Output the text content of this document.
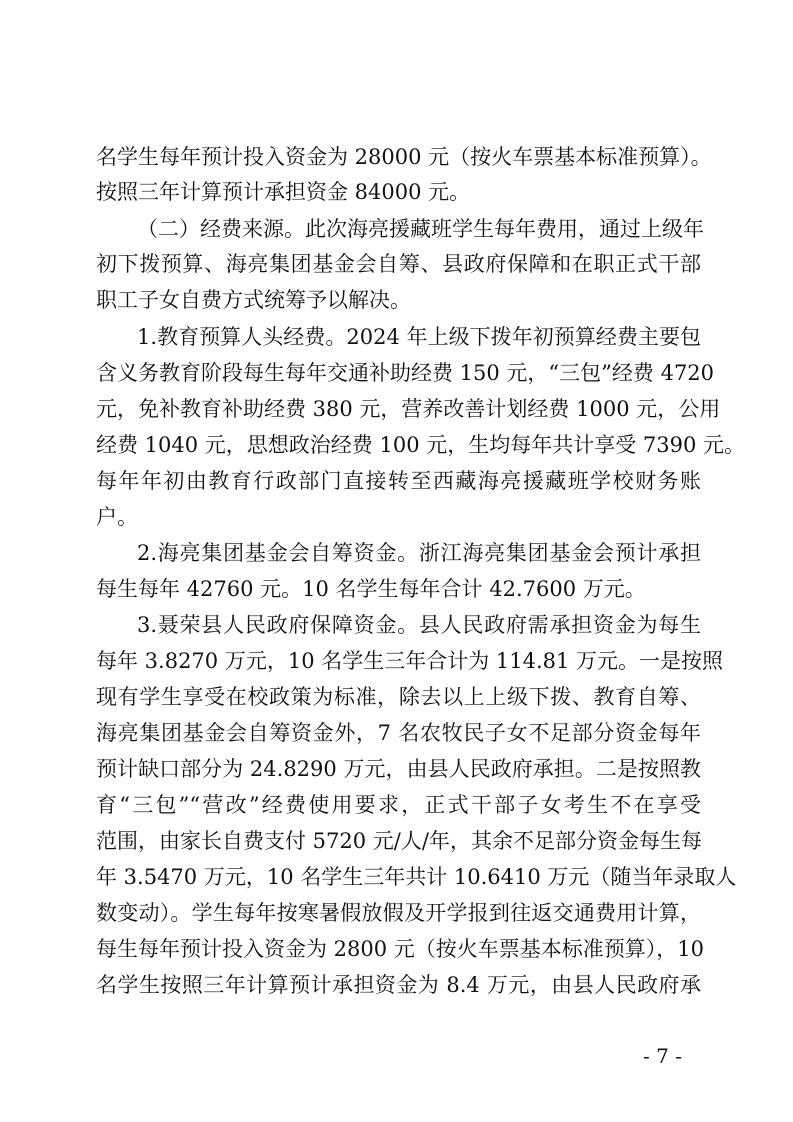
名学生每年预计投入资金为 28000 元（按火车票基本标准预算）。
按照三年计算预计承担资金 84000 元。
（二）经费来源。此次海亮援藏班学生每年费用，通过上级年
初下拨预算、海亮集团基金会自筹、县政府保障和在职正式干部
职工子女自费方式统筹予以解决。
1.教育预算人头经费。2024 年上级下拨年初预算经费主要包
含义务教育阶段每生每年交通补助经费 150 元，“三包”经费 4720
元，免补教育补助经费 380 元，营养改善计划经费 1000 元，公用
经费 1040 元，思想政治经费 100 元，生均每年共计享受 7390 元。
每年年初由教育行政部门直接转至西藏海亮援藏班学校财务账
户。
2.海亮集团基金会自筹资金。浙江海亮集团基金会预计承担
每生每年 42760 元。10 名学生每年合计 42.7600 万元。
3.聂荣县人民政府保障资金。县人民政府需承担资金为每生
每年 3.8270 万元，10 名学生三年合计为 114.81 万元。一是按照
现有学生享受在校政策为标准，除去以上上级下拨、教育自筹、
海亮集团基金会自筹资金外，7 名农牧民子女不足部分资金每年
预计缺口部分为 24.8290 万元，由县人民政府承担。二是按照教
育“三包”“营改”经费使用要求，正式干部子女考生不在享受
范围，由家长自费支付 5720 元/人/年，其余不足部分资金每生每
年 3.5470 万元，10 名学生三年共计 10.6410 万元（随当年录取人
数变动）。学生每年按寒暑假放假及开学报到往返交通费用计算，
每生每年预计投入资金为 2800 元（按火车票基本标准预算），10
名学生按照三年计算预计承担资金为 8.4 万元，由县人民政府承
- 7 -
